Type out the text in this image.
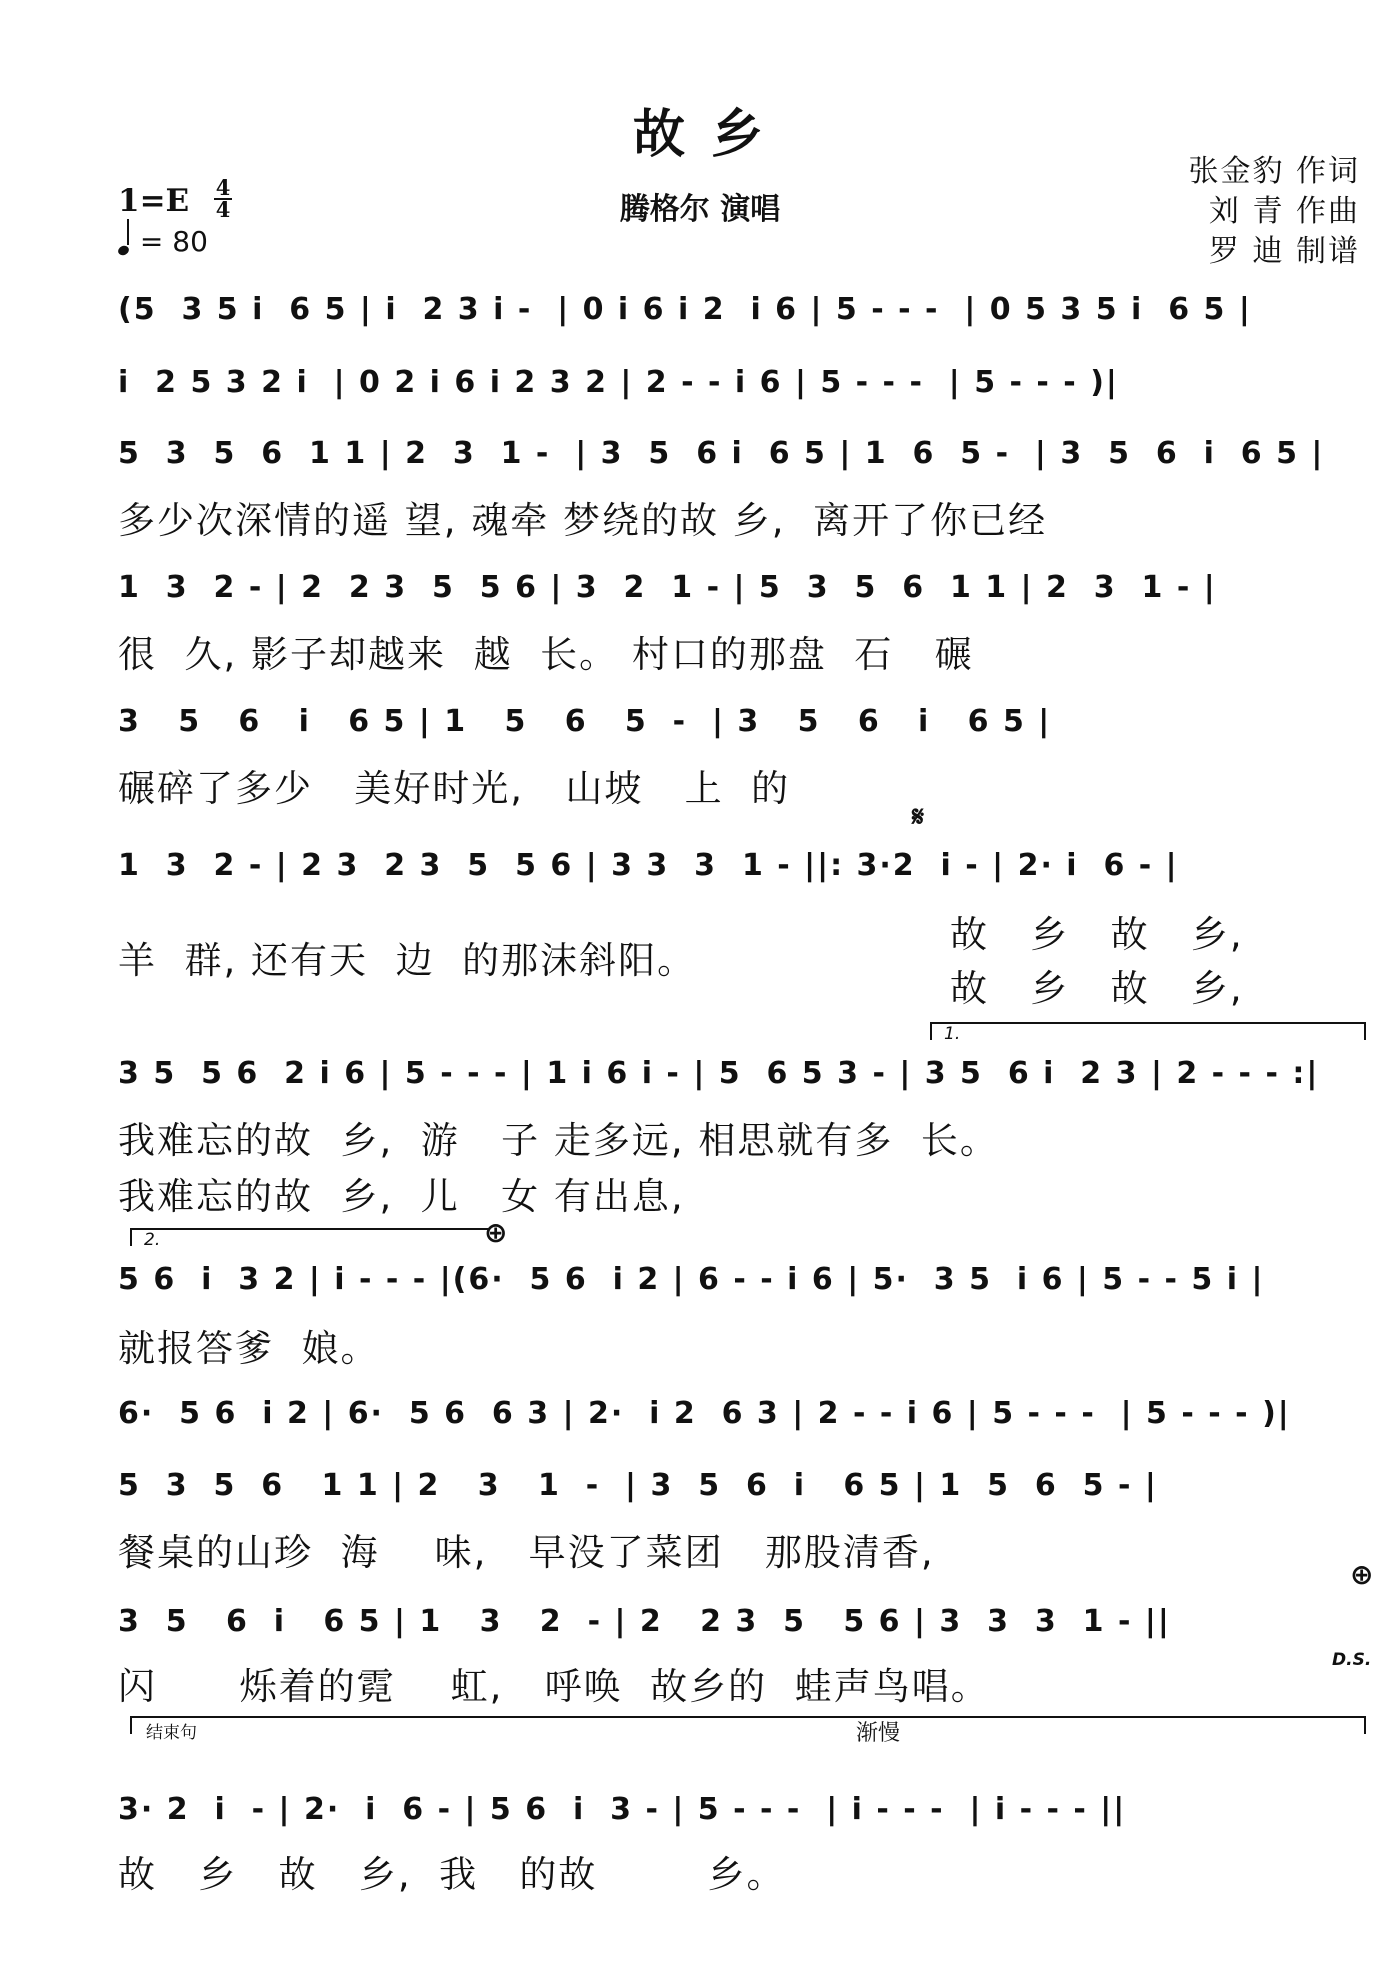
故 乡
腾格尔 演唱
张金豹 作词
刘 青 作曲
罗 迪 制谱
$1=E \frac{4}{4}$
= 80
(5  3 5 i  6 5 | i  2 3 i -  | 0 i 6 i 2  i 6 | 5 - - -  | 0 5 3 5 i  6 5 |
i  2 5 3 2 i  | 0 2 i 6 i 2 3 2 | 2 - - i 6 | 5 - - -  | 5 - - - )|
5  3  5  6  1 1 | 2  3  1 -  | 3  5  6 i  6 5 | 1  6  5 -  | 3  5  6  i  6 5 |
多少次深情的遥 望, 魂牵 梦绕的故 乡,  离开了你已经
1  3  2 - | 2  2 3  5  5 6 | 3  2  1 - | 5  3  5  6  1 1 | 2  3  1 - |
很  久, 影子却越来  越  长。 村口的那盘  石   碾
3   5   6   i   6 5 | 1   5   6   5  -  | 3   5   6   i   6 5 |
碾碎了多少   美好时光,   山坡   上  的
𝄋
1  3  2 - | 2 3  2 3  5  5 6 | 3 3  3  1 - ||: 3·2  i - | 2· i  6 - |
羊  群, 还有天  边  的那沫斜阳。
故   乡   故   乡,
故   乡   故   乡,
1.
3 5  5 6  2 i 6 | 5 - - - | 1 i 6 i - | 5  6 5 3 - | 3 5  6 i  2 3 | 2 - - - :|
我难忘的故  乡,  游   子 走多远, 相思就有多  长。
我难忘的故  乡,  儿   女 有出息,
2.	⊕
5 6  i  3 2 | i - - - |(6·  5 6  i 2 | 6 - - i 6 | 5·  3 5  i 6 | 5 - - 5 i |
就报答爹  娘。
6·  5 6  i 2 | 6·  5 6  6 3 | 2·  i 2  6 3 | 2 - - i 6 | 5 - - -  | 5 - - - )|
5  3  5  6   1 1 | 2   3   1  -  | 3  5  6  i   6 5 | 1  5  6  5 - |
餐桌的山珍  海    味,   早没了菜团   那股清香,
⊕
3  5   6  i   6 5 | 1   3   2  - | 2   2 3  5   5 6 | 3  3  3  1 - ||
闪      烁着的霓    虹,   呼唤  故乡的  蛙声鸟唱。
D.S.
结束句	渐慢
3· 2  i  - | 2·  i  6 - | 5 6  i  3 - | 5 - - -  | i - - -  | i - - - ||
故   乡   故   乡,  我   的故        乡。
